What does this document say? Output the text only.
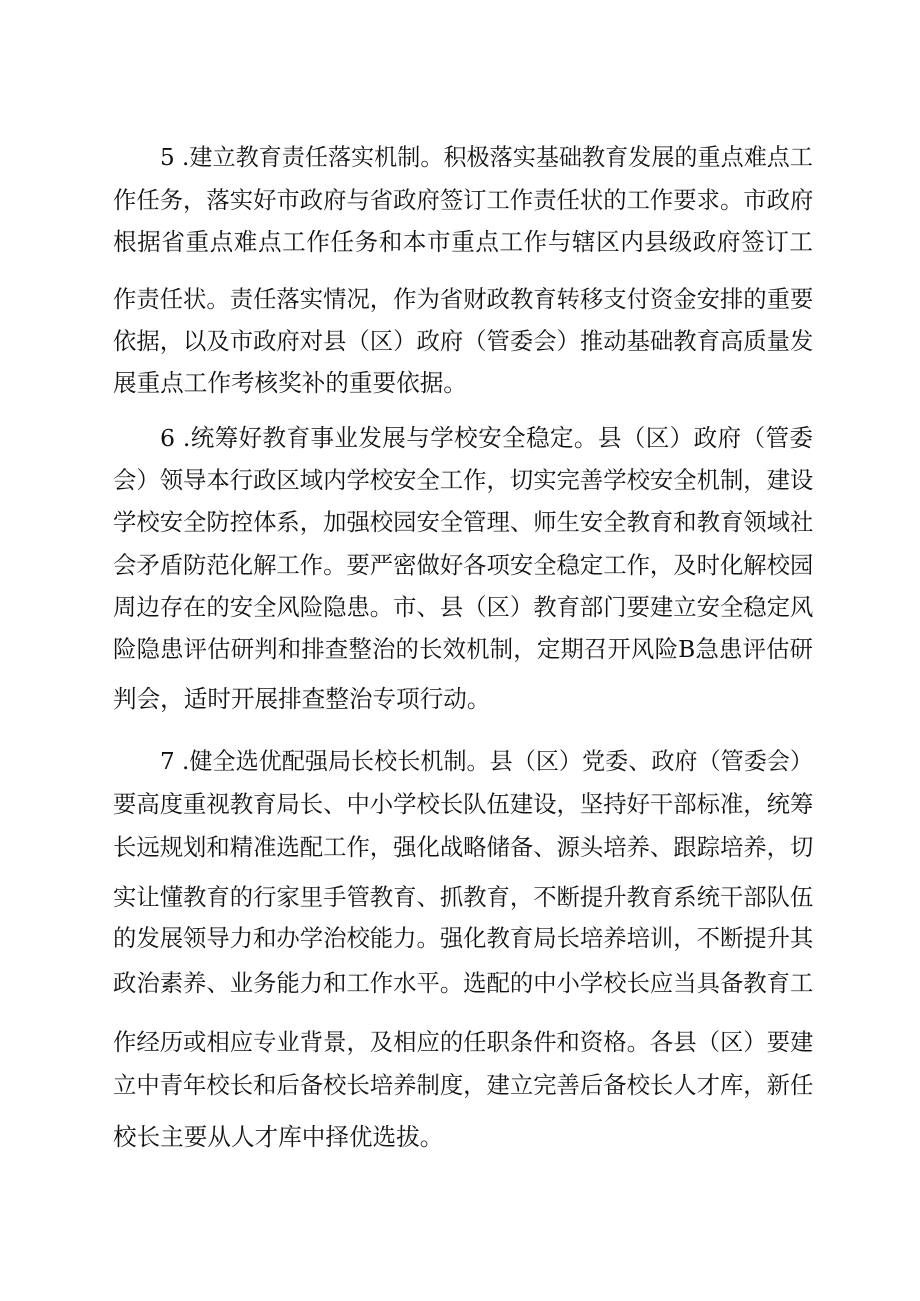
5 .建立教育责任落实机制。积极落实基础教育发展的重点难点工
作任务，落实好市政府与省政府签订工作责任状的工作要求。市政府
根据省重点难点工作任务和本市重点工作与辖区内县级政府签订工
作责任状。责任落实情况，作为省财政教育转移支付资金安排的重要
依据，以及市政府对县（区）政府（管委会）推动基础教育高质量发
展重点工作考核奖补的重要依据。
6 .统筹好教育事业发展与学校安全稳定。县（区）政府（管委
会）领导本行政区域内学校安全工作，切实完善学校安全机制，建设
学校安全防控体系，加强校园安全管理、师生安全教育和教育领域社
会矛盾防范化解工作。要严密做好各项安全稳定工作，及时化解校园
周边存在的安全风险隐患。市、县（区）教育部门要建立安全稳定风
险隐患评估研判和排查整治的长效机制，定期召开风险B急患评估研
判会，适时开展排查整治专项行动。
7 .健全选优配强局长校长机制。县（区）党委、政府（管委会）
要高度重视教育局长、中小学校长队伍建设，坚持好干部标准，统筹
长远规划和精准选配工作，强化战略储备、源头培养、跟踪培养，切
实让懂教育的行家里手管教育、抓教育，不断提升教育系统干部队伍
的发展领导力和办学治校能力。强化教育局长培养培训，不断提升其
政治素养、业务能力和工作水平。选配的中小学校长应当具备教育工
作经历或相应专业背景，及相应的任职条件和资格。各县（区）要建
立中青年校长和后备校长培养制度，建立完善后备校长人才库，新任
校长主要从人才库中择优选拔。
